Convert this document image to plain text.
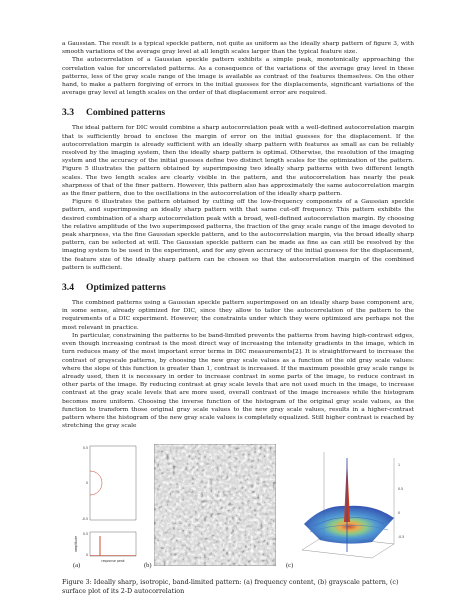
a Gaussian. The result is a typical speckle pattern, not quite as uniform as the ideally sharp pattern of figure 3, with smooth variations of the average gray level at all length scales larger than the typical feature size.

The autocorrelation of a Gaussian speckle pattern exhibits a simple peak, monotonically approaching the correlation value for uncorrelated patterns. As a consequence of the variations of the average gray level in these patterns, less of the gray scale range of the image is available as contrast of the features themselves. On the other hand, to make a pattern forgiving of errors in the initial guesses for the displacements, significant variations of the average gray level at length scales on the order of that displacement error are required.

3.3 Combined patterns

The ideal pattern for DIC would combine a sharp autocorrelation peak with a well-defined autocorrelation margin that is sufficiently broad to enclose the margin of error on the initial guesses for the displacement. If the autocorrelation margin is already sufficient with an ideally sharp pattern with features as small as can be reliably resolved by the imaging system, then the ideally sharp pattern is optimal. Otherwise, the resolution of the imaging system and the accuracy of the initial guesses define two distinct length scales for the optimization of the pattern. Figure 5 illustrates the pattern obtained by superimposing two ideally sharp patterns with two different length scales. The two length scales are clearly visible in the pattern, and the autocorrelation has nearly the peak sharpness of that of the finer pattern. However, this pattern also has approximately the same autocorrelation margin as the finer pattern, due to the oscillations in the autocorrelation of the ideally sharp pattern.

Figure 6 illustrates the pattern obtained by cutting off the low-frequency components of a Gaussian speckle pattern, and superimposing an ideally sharp pattern with that same cut-off frequency. This pattern exhibits the desired combination of a sharp autocorrelation peak with a broad, well-defined autocorrelation margin. By choosing the relative amplitude of the two superimposed patterns, the fraction of the gray scale range of the image devoted to peak sharpness, via the fine Gaussian speckle pattern, and to the autocorrelation margin, via the broad ideally sharp pattern, can be selected at will. The Gaussian speckle pattern can be made as fine as can still be resolved by the imaging system to be used in the experiment, and for any given accuracy of the initial guesses for the displacement, the feature size of the ideally sharp pattern can be chosen so that the autocorrelation margin of the combined pattern is sufficient.

3.4 Optimized patterns

The combined patterns using a Gaussian speckle pattern superimposed on an ideally sharp base component are, in some sense, already optimized for DIC, since they allow to tailor the autocorrelation of the pattern to the requirements of a DIC experiment. However, the constraints under which they were optimized are perhaps not the most relevant in practice.

In particular, constraining the patterns to be band-limited prevents the patterns from having high-contrast edges, even though increasing contrast is the most direct way of increasing the intensity gradients in the image, which in turn reduces many of the most important error terms in DIC measurements[2]. It is straightforward to increase the contrast of grayscale patterns, by choosing the new gray scale values as a function of the old gray scale values: where the slope of this function is greater than 1, contrast is increased. If the maximum possible gray scale range is already used, then it is necessary in order to increase contrast in some parts of the image, to reduce contrast in other parts of the image. By reducing contrast at gray scale levels that are not used much in the image, to increase contrast at the gray scale levels that are more used, overall contrast of the image increases while the histogram becomes more uniform. Choosing the inverse function of the histogram of the original gray scale values, as the function to transform those original gray scale values to the new gray scale values, results in a higher-contrast pattern where the histogram of the new gray scale values is completely equalized. Still higher contrast is reached by stretching the gray scale

0.5
0
-0.5
0.5
0
response peak
amplitude
(a)	(b)
1
0.5
0
-0.5
(c)

Figure 3: Ideally sharp, isotropic, band-limited pattern: (a) frequency content, (b) grayscale pattern, (c) surface plot of its 2-D autocorrelation
